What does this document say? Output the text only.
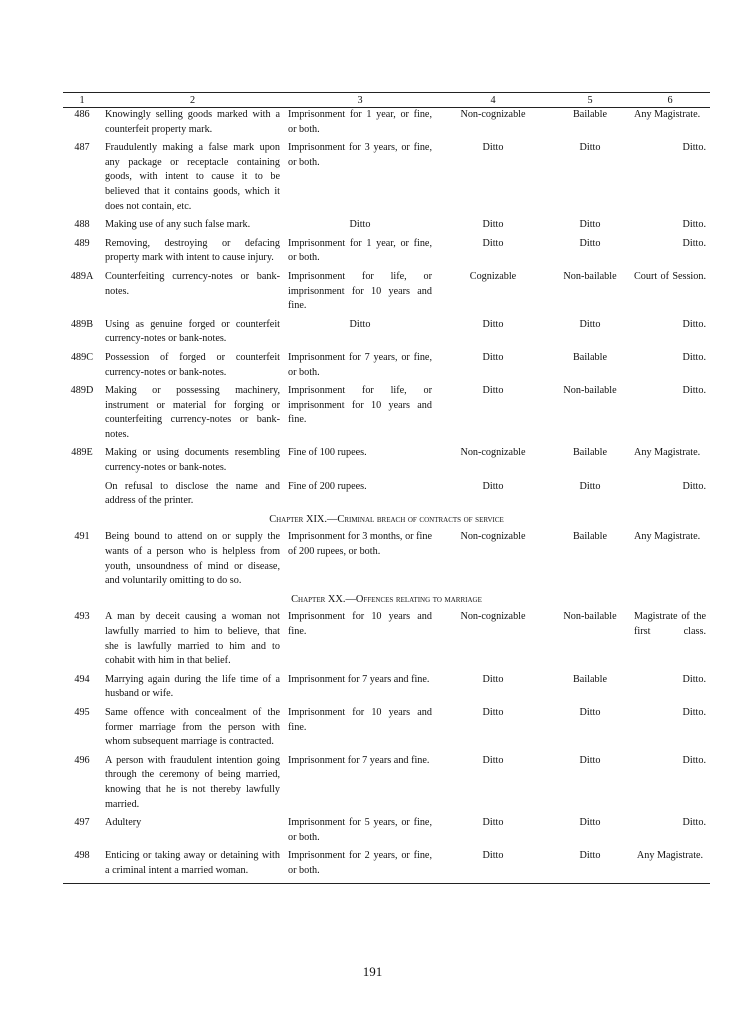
1	2	3	4	5	6
486	Knowingly selling goods marked with a counterfeit property mark.	Imprisonment for 1 year, or fine, or both.	Non-cognizable	Bailable	Any Magistrate.
487	Fraudulently making a false mark upon any package or receptacle containing goods, with intent to cause it to be believed that it contains goods, which it does not contain, etc.	Imprisonment for 3 years, or fine, or both.	Ditto	Ditto	Ditto.
488	Making use of any such false mark.	Ditto	Ditto	Ditto	Ditto.
489	Removing, destroying or defacing property mark with intent to cause injury.	Imprisonment for 1 year, or fine, or both.	Ditto	Ditto	Ditto.
489A	Counterfeiting currency-notes or bank-notes.	Imprisonment for life, or imprisonment for 10 years and fine.	Cognizable	Non-bailable	Court of Session.
489B	Using as genuine forged or counterfeit currency-notes or bank-notes.	Ditto	Ditto	Ditto	Ditto.
489C	Possession of forged or counterfeit currency-notes or bank-notes.	Imprisonment for 7 years, or fine, or both.	Ditto	Bailable	Ditto.
489D	Making or possessing machinery, instrument or material for forging or counterfeiting currency-notes or bank-notes.	Imprisonment for life, or imprisonment for 10 years and fine.	Ditto	Non-bailable	Ditto.
489E	Making or using documents resembling currency-notes or bank-notes.	Fine of 100 rupees.	Non-cognizable	Bailable	Any Magistrate.
	On refusal to disclose the name and address of the printer.	Fine of 200 rupees.	Ditto	Ditto	Ditto.
Chapter XIX.—Criminal breach of contracts of service					
491	Being bound to attend on or supply the wants of a person who is helpless from youth, unsoundness of mind or disease, and voluntarily omitting to do so.	Imprisonment for 3 months, or fine of 200 rupees, or both.	Non-cognizable	Bailable	Any Magistrate.
Chapter XX.—Offences relating to marriage					
493	A man by deceit causing a woman not lawfully married to him to believe, that she is lawfully married to him and to cohabit with him in that belief.	Imprisonment for 10 years and fine.	Non-cognizable	Non-bailable	Magistrate of the first class.
494	Marrying again during the life time of a husband or wife.	Imprisonment for 7 years and fine.	Ditto	Bailable	Ditto.
495	Same offence with concealment of the former marriage from the person with whom subsequent marriage is contracted.	Imprisonment for 10 years and fine.	Ditto	Ditto	Ditto.
496	A person with fraudulent intention going through the ceremony of being married, knowing that he is not thereby lawfully married.	Imprisonment for 7 years and fine.	Ditto	Ditto	Ditto.
497	Adultery	Imprisonment for 5 years, or fine, or both.	Ditto	Ditto	Ditto.
498	Enticing or taking away or detaining with a criminal intent a married woman.	Imprisonment for 2 years, or fine, or both.	Ditto	Ditto	Any Magistrate.
191
